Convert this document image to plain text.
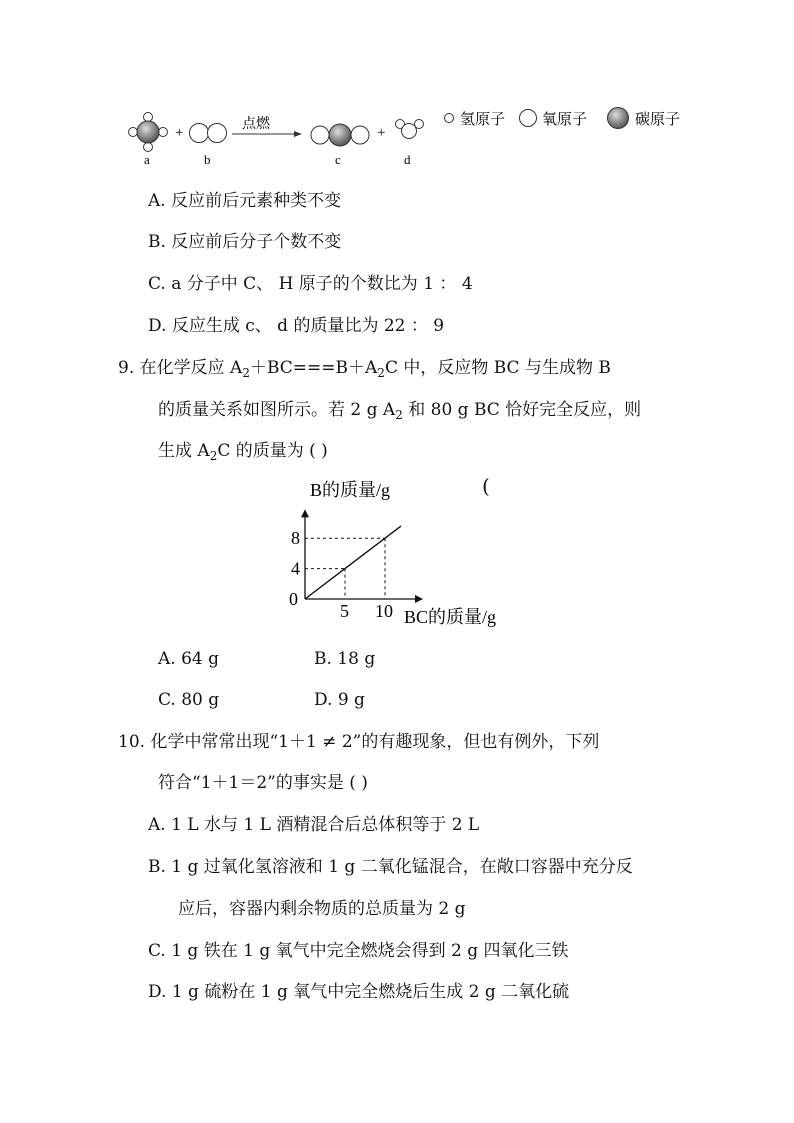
+
点燃
+
a	b	c	d
氢原子 氧原子	碳原子
A. 反应前后元素种类不变
B. 反应前后分子个数不变
C. a 分子中 C、 H 原子的个数比为 1 ： 4
D. 反应生成 c、 d 的质量比为 22 ： 9
9. 在化学反应 $A_2+BC===B+A_2C$ 中，反应物 BC 与生成物 B
的质量关系如图所示。若 2 g $A_2$ 和 80 g BC 恰好完全反应，则
生成 $A_2C$ 的质量为 ( )
(
B的质量/g
BC的质量/g
0
5 10
4
8
A. 64 g	B. 18 g
C. 80 g	D. 9 g
10. 化学中常常出现“1＋1 ≠ 2”的有趣现象，但也有例外，下列
符合“1＋1＝2”的事实是 ( )
A. 1 L 水与 1 L 酒精混合后总体积等于 2 L
B. 1 g 过氧化氢溶液和 1 g 二氧化锰混合，在敞口容器中充分反
应后，容器内剩余物质的总质量为 2 g
C. 1 g 铁在 1 g 氧气中完全燃烧会得到 2 g 四氧化三铁
D. 1 g 硫粉在 1 g 氧气中完全燃烧后生成 2 g 二氧化硫
